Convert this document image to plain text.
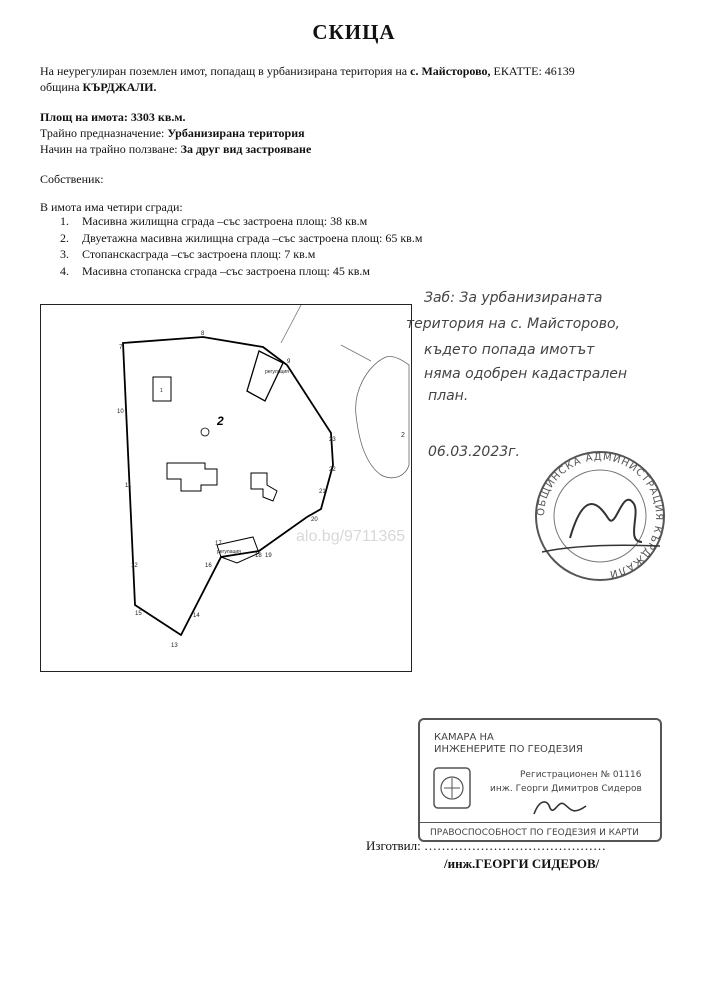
СКИЦА
На неурегулиран поземлен имот, попадащ в урбанизирана територия на с. Майсторово, ЕКАТТЕ: 46139
община КЪРДЖАЛИ.
Площ на имота: 3303 кв.м.
Трайно предназначение: Урбанизирана територия
Начин на трайно ползване: За друг вид застрояване
Собственик:
В имота има четири сгради:
1. Масивна жилищна сграда –със застроена площ: 38 кв.м
2. Двуетажна масивна жилищна сграда –със застроена площ: 65 кв.м
3. Стопанскасграда –със застроена площ: 7 кв.м
4. Масивна стопанска сграда –със застроена площ: 45 кв.м
2
регулация
регулация
1
2
7
8
9
10
11
12
13
14
15
16
17
18 19
20
21
22
23
alo.bg/9711365
Заб: За урбанизираната
територия на с. Майсторово,
където попада имотът
няма одобрен кадастрален
план.
06.03.2023г.
ОБЩИНСКА АДМИНИСТРАЦИЯ КЪРДЖАЛИ
КАМАРА НА
ИНЖЕНЕРИТЕ ПО ГЕОДЕЗИЯ
Регистрационен № 01116
инж. Георги Димитров Сидеров
ПРАВОСПОСОБНОСТ ПО ГЕОДЕЗИЯ И КАРТИ
Изготвил: ……………………………………
/инж.ГЕОРГИ СИДЕРОВ/
